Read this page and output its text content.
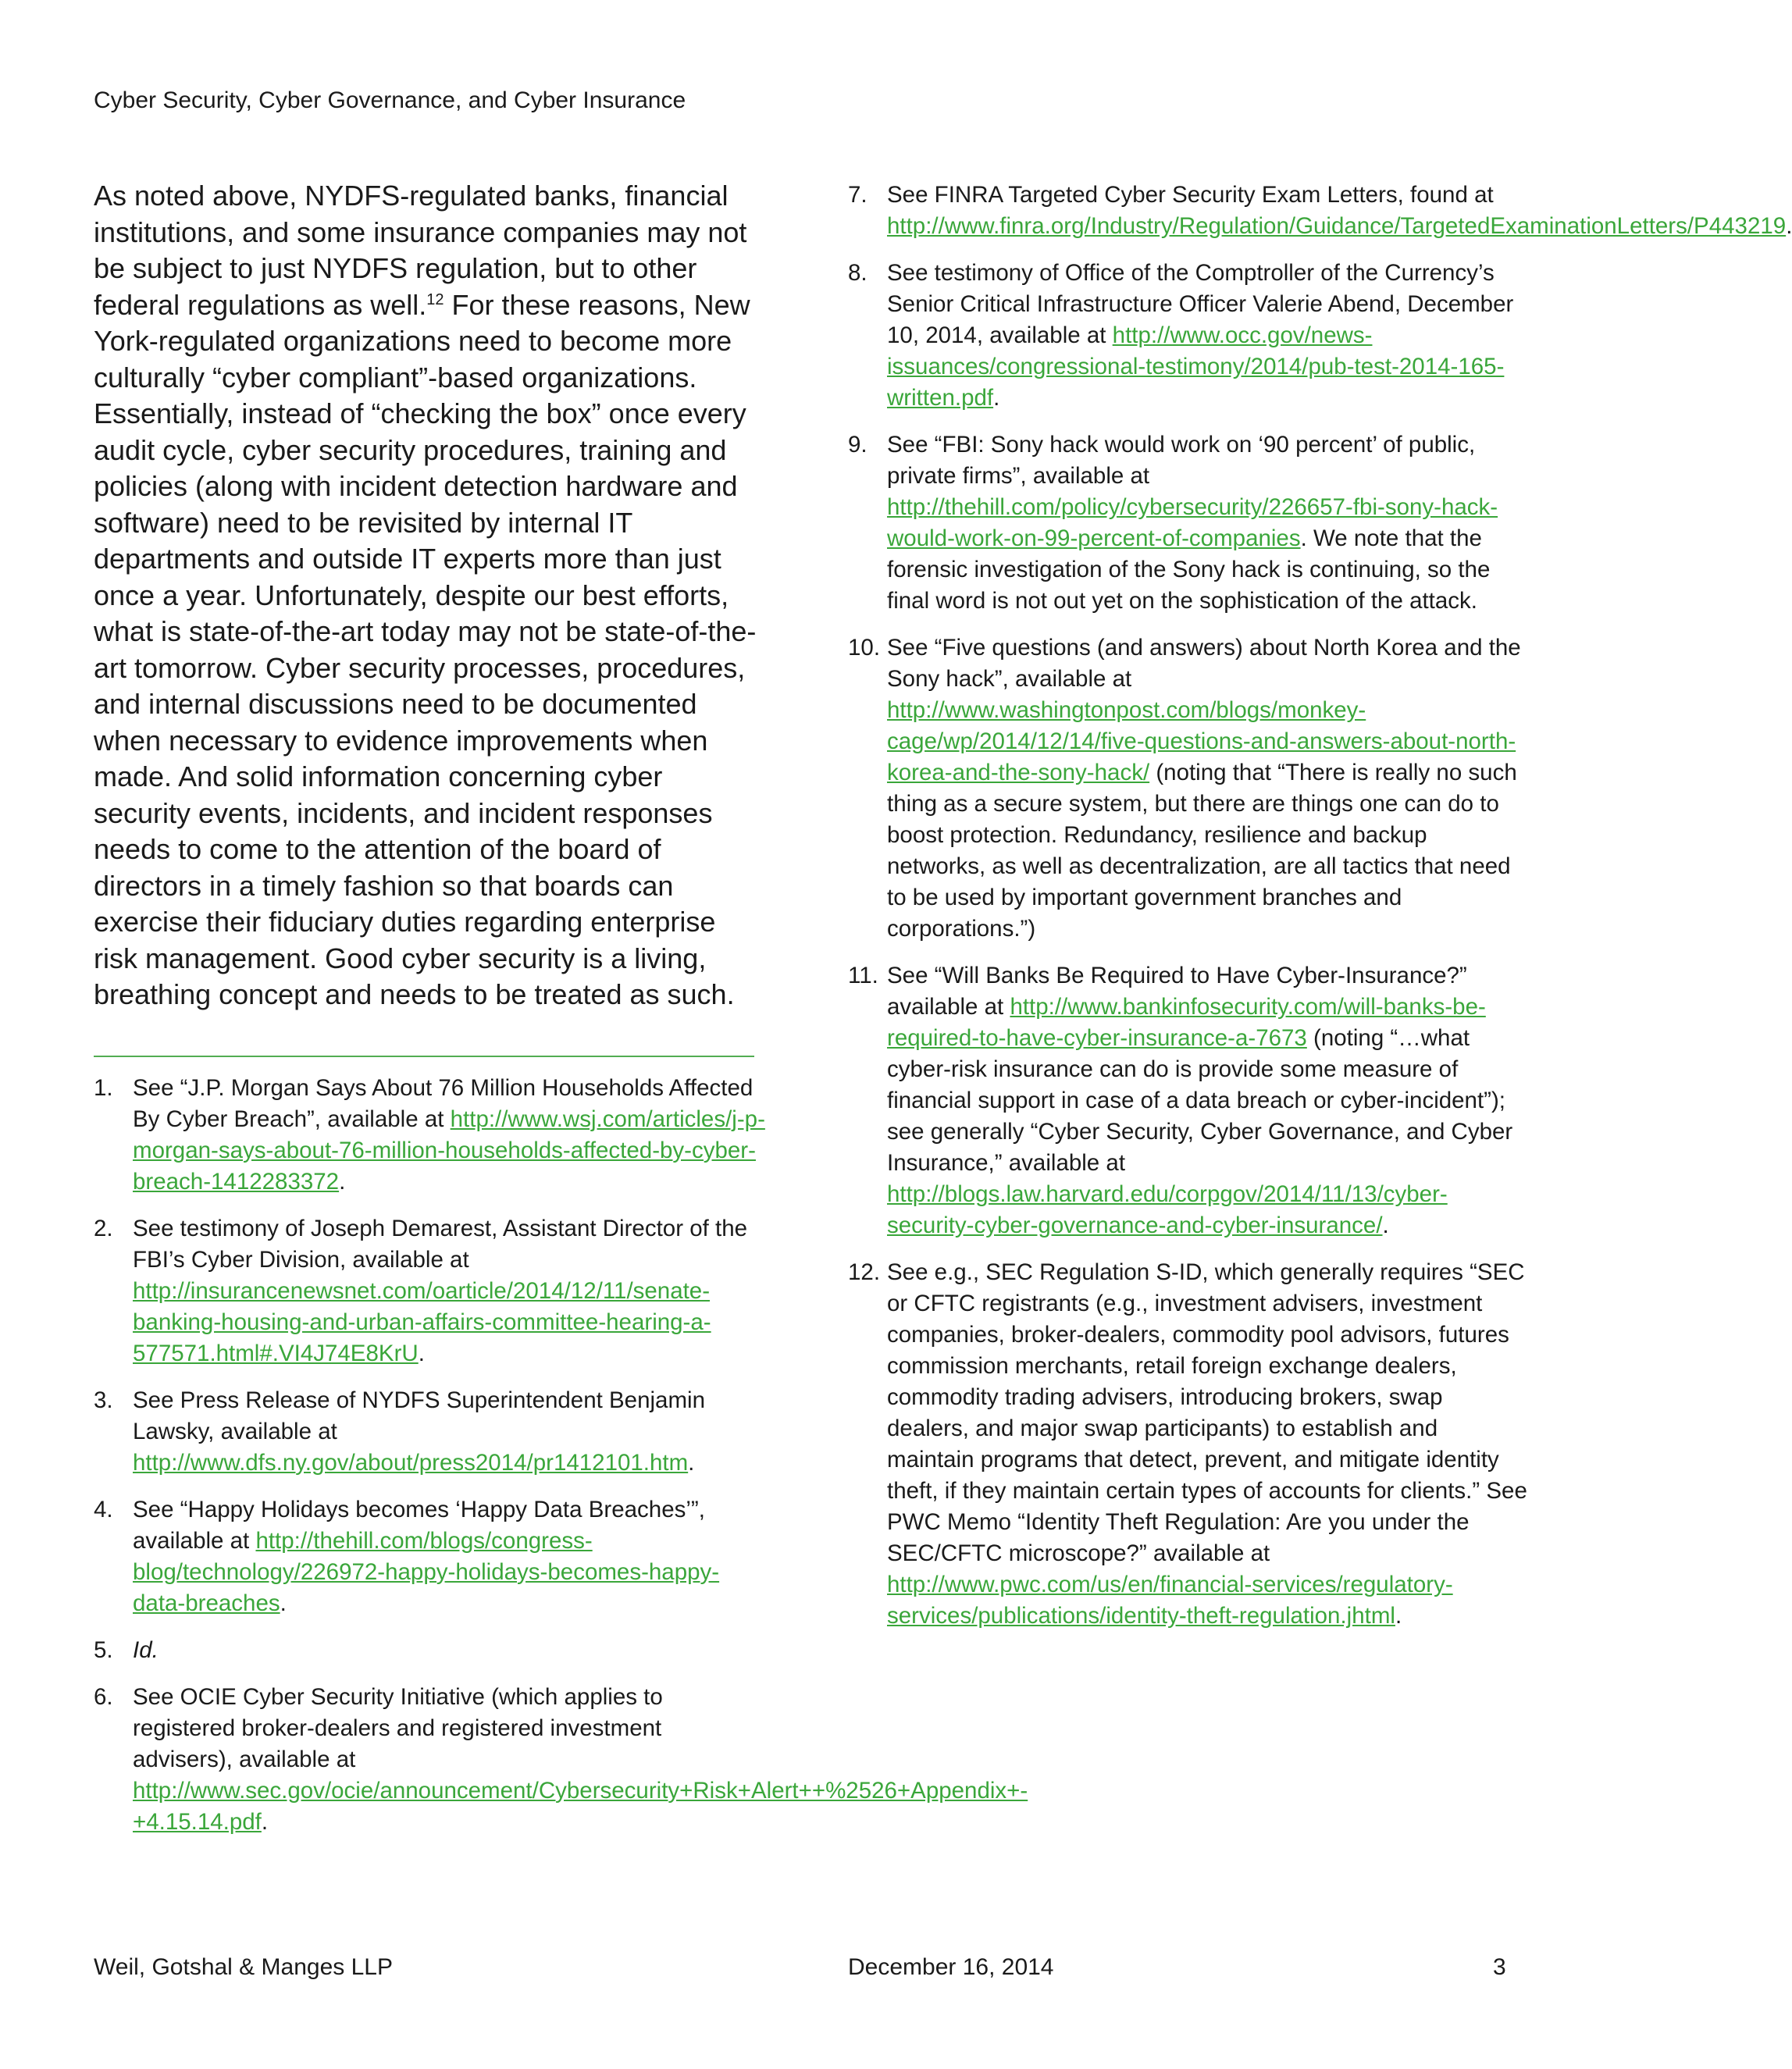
Cyber Security, Cyber Governance, and Cyber Insurance

As noted above, NYDFS-regulated banks, financial institutions, and some insurance companies may not be subject to just NYDFS regulation, but to other federal regulations as well.$^{12}$ For these reasons, New York-regulated organizations need to become more culturally “cyber compliant”-based organizations. Essentially, instead of “checking the box” once every audit cycle, cyber security procedures, training and policies (along with incident detection hardware and software) need to be revisited by internal IT departments and outside IT experts more than just once a year. Unfortunately, despite our best efforts, what is state-of-the-art today may not be state-of-the-art tomorrow. Cyber security processes, procedures, and internal discussions need to be documented when necessary to evidence improvements when made. And solid information concerning cyber security events, incidents, and incident responses needs to come to the attention of the board of directors in a timely fashion so that boards can exercise their fiduciary duties regarding enterprise risk management. Good cyber security is a living, breathing concept and needs to be treated as such.

1. See “J.P. Morgan Says About 76 Million Households Affected By Cyber Breach”, available at http://www.wsj.com/articles/j-p-morgan-says-about-76-million-households-affected-by-cyber-breach-1412283372.
2. See testimony of Joseph Demarest, Assistant Director of the FBI’s Cyber Division, available at http://insurancenewsnet.com/oarticle/2014/12/11/senate-banking-housing-and-urban-affairs-committee-hearing-a-577571.html#.VI4J74E8KrU.
3. See Press Release of NYDFS Superintendent Benjamin Lawsky, available at http://www.dfs.ny.gov/about/press2014/pr1412101.htm.
4. See “Happy Holidays becomes ‘Happy Data Breaches’”, available at http://thehill.com/blogs/congress-blog/technology/226972-happy-holidays-becomes-happy-data-breaches.
5. Id.
6. See OCIE Cyber Security Initiative (which applies to registered broker-dealers and registered investment advisers), available at http://www.sec.gov/ocie/announcement/Cybersecurity+Risk+Alert++%2526+Appendix+-+4.15.14.pdf.
7. See FINRA Targeted Cyber Security Exam Letters, found at http://www.finra.org/Industry/Regulation/Guidance/TargetedExaminationLetters/P443219.
8. See testimony of Office of the Comptroller of the Currency’s Senior Critical Infrastructure Officer Valerie Abend, December 10, 2014, available at http://www.occ.gov/news-issuances/congressional-testimony/2014/pub-test-2014-165-written.pdf.
9. See “FBI: Sony hack would work on ‘90 percent’ of public, private firms”, available at http://thehill.com/policy/cybersecurity/226657-fbi-sony-hack-would-work-on-99-percent-of-companies. We note that the forensic investigation of the Sony hack is continuing, so the final word is not out yet on the sophistication of the attack.
10. See “Five questions (and answers) about North Korea and the Sony hack”, available at http://www.washingtonpost.com/blogs/monkey-cage/wp/2014/12/14/five-questions-and-answers-about-north-korea-and-the-sony-hack/ (noting that “There is really no such thing as a secure system, but there are things one can do to boost protection. Redundancy, resilience and backup networks, as well as decentralization, are all tactics that need to be used by important government branches and corporations.”)
11. See “Will Banks Be Required to Have Cyber-Insurance?” available at http://www.bankinfosecurity.com/will-banks-be-required-to-have-cyber-insurance-a-7673 (noting “…what cyber-risk insurance can do is provide some measure of financial support in case of a data breach or cyber-incident”); see generally “Cyber Security, Cyber Governance, and Cyber Insurance,” available at http://blogs.law.harvard.edu/corpgov/2014/11/13/cyber-security-cyber-governance-and-cyber-insurance/.
12. See e.g., SEC Regulation S-ID, which generally requires “SEC or CFTC registrants (e.g., investment advisers, investment companies, broker-dealers, commodity pool advisors, futures commission merchants, retail foreign exchange dealers, commodity trading advisers, introducing brokers, swap dealers, and major swap participants) to establish and maintain programs that detect, prevent, and mitigate identity theft, if they maintain certain types of accounts for clients.” See PWC Memo “Identity Theft Regulation: Are you under the SEC/CFTC microscope?” available at http://www.pwc.com/us/en/financial-services/regulatory-services/publications/identity-theft-regulation.jhtml.
Weil, Gotshal & Manges LLP	December 16, 2014	3
